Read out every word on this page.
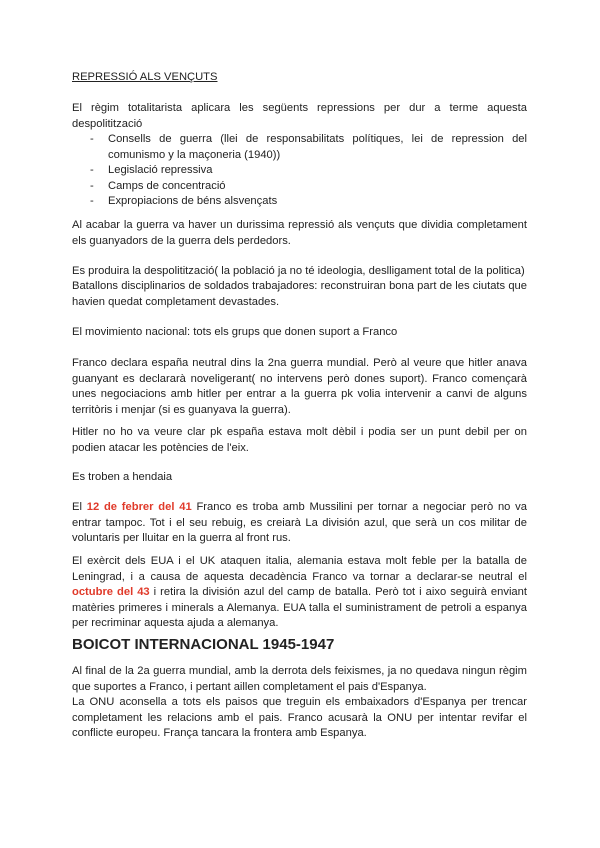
REPRESSIÓ ALS VENÇUTS

El règim totalitarista aplicara les següents repressions per dur a terme aquesta despolitització

- Consells de guerra (llei de responsabilitats polítiques, lei de repression del comunismo y la maçoneria (1940))
- Legislació repressiva
- Camps de concentració
- Expropiacions de béns alsvençats

Al acabar la guerra va haver un durissima repressió als vençuts que dividia completament els guanyadors de la guerra dels perdedors.

Es produira la despolitització( la població ja no té ideologia, deslligament total de la politica)

Batallons disciplinarios de soldados trabajadores: reconstruiran bona part de les ciutats que havien quedat completament devastades.

El movimiento nacional: tots els grups que donen suport a Franco

Franco declara españa neutral dins la 2na guerra mundial. Però al veure que hitler anava guanyant es declararà noveligerant( no intervens però dones suport). Franco començarà unes negociacions amb hitler per entrar a la guerra pk volia intervenir a canvi de alguns territòris i menjar (si es guanyava la guerra).

Hitler no ho va veure clar pk españa estava molt dèbil i podia ser un punt debil per on podien atacar les potències de l'eix.

Es troben a hendaia

El 12 de febrer del 41 Franco es troba amb Mussilini per tornar a negociar però no va entrar tampoc. Tot i el seu rebuig, es creiarà La división azul, que serà un cos militar de voluntaris per lluitar en la guerra al front rus.

El exèrcit dels EUA i el UK ataquen italia, alemania estava molt feble per la batalla de Leningrad, i a causa de aquesta decadència Franco va tornar a declarar-se neutral el octubre del 43 i retira la división azul del camp de batalla. Però tot i aixo seguirà enviant matèries primeres i minerals a Alemanya. EUA talla el suministrament de petroli a espanya per recriminar aquesta ajuda a alemanya.

BOICOT INTERNACIONAL 1945-1947

Al final de la 2a guerra mundial, amb la derrota dels feixismes, ja no quedava ningun règim que suportes a Franco, i pertant aillen completament el pais d'Espanya.

La ONU aconsella a tots els paisos que treguin els embaixadors d'Espanya per trencar completament les relacions amb el pais. Franco acusarà la ONU per intentar revifar el conflicte europeu. França tancara la frontera amb Espanya.
